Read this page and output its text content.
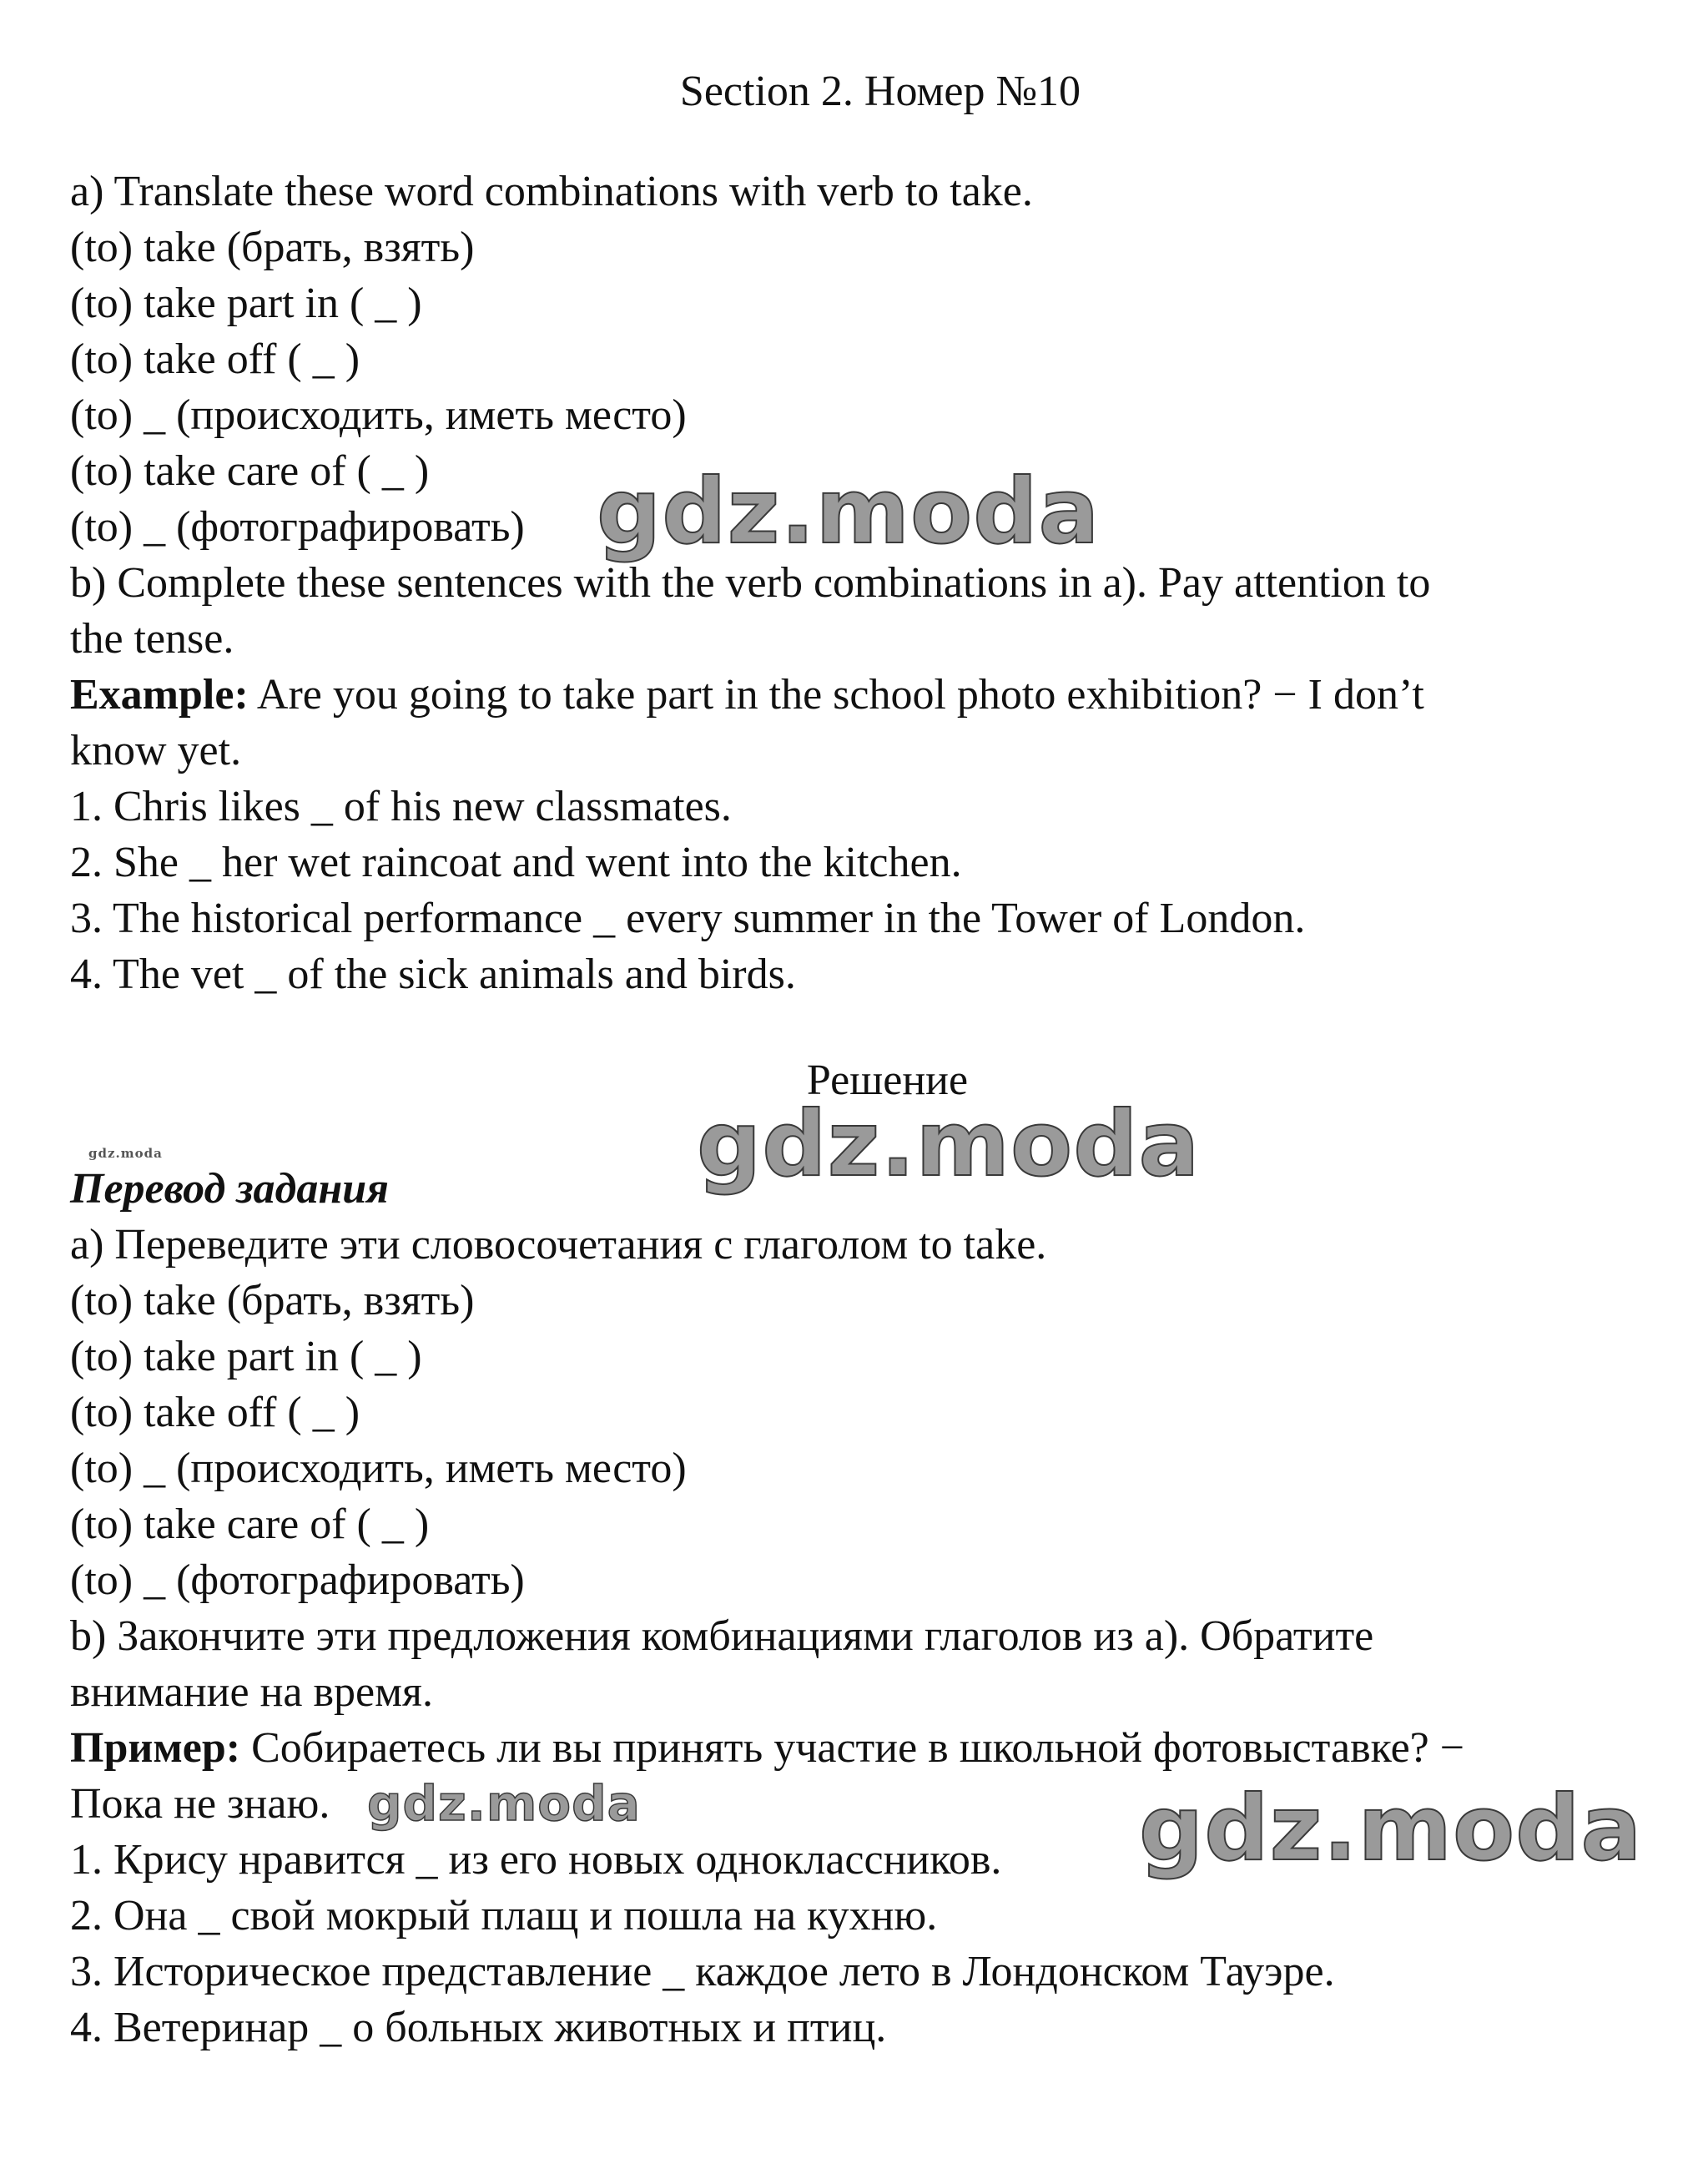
Section 2. Номер №10
a) Translate these word combinations with verb to take.
(to) take (брать, взять)
(to) take part in ( _ )
(to) take off ( _ )
(to) _ (происходить, иметь место)
(to) take care of ( _ )
(to) _ (фотографировать)
b) Complete these sentences with the verb combinations in a). Pay attention to
the tense.
Example: Are you going to take part in the school photo exhibition? − I don’t
know yet.
1. Chris likes _ of his new classmates.
2. She _ her wet raincoat and went into the kitchen.
3. The historical performance _ every summer in the Tower of London.
4. The vet _ of the sick animals and birds.
Решение
Перевод задания
a) Переведите эти словосочетания с глаголом to take.
(to) take (брать, взять)
(to) take part in ( _ )
(to) take off ( _ )
(to) _ (происходить, иметь место)
(to) take care of ( _ )
(to) _ (фотографировать)
b) Закончите эти предложения комбинациями глаголов из а). Обратите
внимание на время.
Пример: Собираетесь ли вы принять участие в школьной фотовыставке? −
Пока не знаю.
1. Крису нравится _ из его новых одноклассников.
2. Она _ свой мокрый плащ и пошла на кухню.
3. Историческое представление _ каждое лето в Лондонском Тауэре.
4. Ветеринар _ о больных животных и птиц.
gdz.moda
gdz.moda
gdz.moda
gdz.moda	gdz.moda
